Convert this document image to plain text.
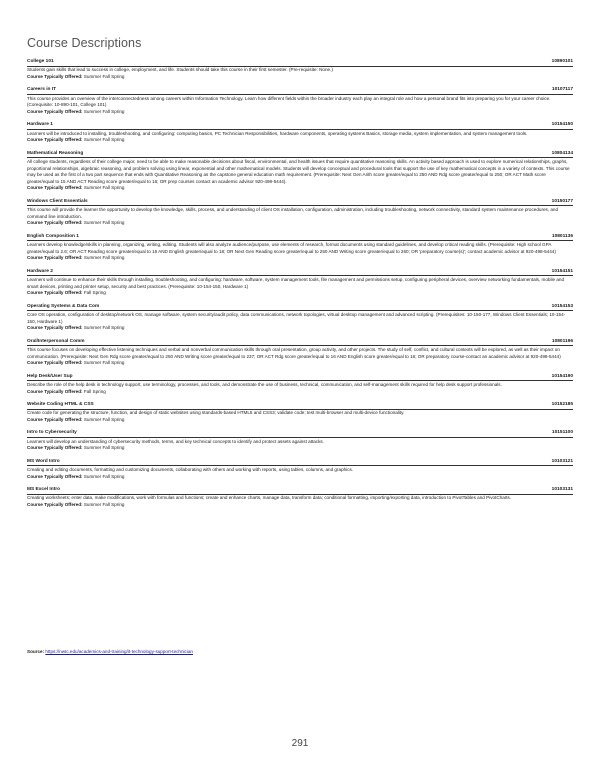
Course Descriptions
College 101	10890101
Students gain skills that lead to success in college, employment, and life. Students should take this course in their first semester. (Pre-requisite: None.)
Course Typically Offered: Summer Fall Spring
Careers in IT	10107117
This course provides an overview of the interconnectedness among careers within Information Technology. Learn how different fields within the broader industry each play an integral role and how a personal brand fits into preparing you for your career choice. (Corequisite: 10-890-101, College 101)
Course Typically Offered: Summer Fall Spring
Hardware 1	10154150
Learners will be introduced to installing, troubleshooting, and configuring: computing basics, PC Technician Responsibilities, hardware components, operating systems Basics, storage media, system implementation, and system management tools.
Course Typically Offered: Summer Fall Spring
Mathematical Reasoning	10804134
All college students, regardless of their college major, need to be able to make reasonable decisions about fiscal, environmental, and health issues that require quantitative reasoning skills. An activity based approach is used to explore numerical relationships, graphs, proportional relationships, algebraic reasoning, and problem solving using linear, exponential and other mathematical models. Students will develop conceptual and procedural tools that support the use of key mathematical concepts in a variety of contexts. This course may be used as the first of a two part sequence that ends with Quantitative Reasoning as the capstone general education math requirement. (Prerequisite: Next Gen Arith score greater/equal to 250 AND Rdg score greater/equal to 250; OR ACT Math score greater/equal to 15 AND ACT Reading score greater/equal to 16; OR prep courses contact an academic advisor 920-498-5444).
Course Typically Offered: Summer Fall Spring
Windows Client Essentials	10150177
This course will provide the learner the opportunity to develop the knowledge, skills, process, and understanding of client OS installation, configuration, administration, including troubleshooting, network connectivity, standard system maintenance procedures, and command line introduction.
Course Typically Offered: Summer Fall Spring
English Composition 1	10801136
Learners develop knowledge/skills in planning, organizing, writing, editing. Students will also analyze audience/purpose, use elements of research, format documents using standard guidelines, and develop critical reading skills. (Prerequisite: High school GPA greater/equal to 2.6; OR ACT Reading score greater/equal to 16 AND English greater/equal to 18; OR Next Gen Reading score greater/equal to 250 AND Writing score greater/equal to 260; OR 'preparatory course(s)'; contact academic advisor at 920-498-5444)
Course Typically Offered: Summer Fall Spring
Hardware 2	10154151
Learners will continue to enhance their skills through installing, troubleshooting, and configuring: hardware, software, system management tools, file management and permissions setup, configuring peripheral devices, overview networking fundamentals, mobile and smart devices, printing and printer setup, security and best practices. (Prerequisite: 10-154-150, Hardware 1)
Course Typically Offered: Fall Spring
Operating Systems & Data Com	10154153
Core OS operation, configuration of desktop/network OS, manage software, system security/audit policy, data communications, network topologies, virtual desktop management and advanced scripting. (Prerequisites: 10-150-177, Windows Client Essentials; 10-154-150, Hardware 1)
Course Typically Offered: Summer Fall Spring
Oral/Interpersonal Comm	10801196
This course focuses on developing effective listening techniques and verbal and nonverbal communication skills through oral presentation, group activity, and other projects. The study of self, conflict, and cultural contexts will be explored, as well as their impact on communication. (Prerequisite: Next Gen Rdg score greater/equal to 250 AND Writing score greater/equal to 237; OR ACT Rdg score greater/equal to 16 AND English score greater/equal to 16; OR preparatory course-contact an academic advisor at 920-498-5444)
Course Typically Offered: Summer Fall Spring
Help Desk/User Sup	10154190
Describe the role of the help desk in technology support, use terminology, processes, and tools, and demonstrate the use of business, technical, communication, and self-management skills required for help desk support professionals.
Course Typically Offered: Fall Spring
Website Coding HTML & CSS	10152185
Create code for generating the structure, function, and design of static websites using standards-based HTML5 and CSS3; validate code; test multi-browser and multi-device functionality.
Course Typically Offered: Summer Fall Spring
Intro to Cybersecurity	10151100
Learners will develop an understanding of cybersecurity methods, terms, and key technical concepts to identify and protect assets against attacks.
Course Typically Offered: Summer Fall Spring
MS Word Intro	10103121
Creating and editing documents, formatting and customizing documents, collaborating with others and working with reports, using tables, columns, and graphics.
Course Typically Offered: Summer Fall Spring
MS Excel Intro	10103131
Creating worksheets; enter data, make modifications, work with formulas and functions; create and enhance charts, manage data, transform data; conditional formatting, importing/exporting data, introduction to PivotTables and PivotCharts.
Course Typically Offered: Summer Fall Spring
Source: https://nwtc.edu/academics-and-training/it-technology-support-technician
291
